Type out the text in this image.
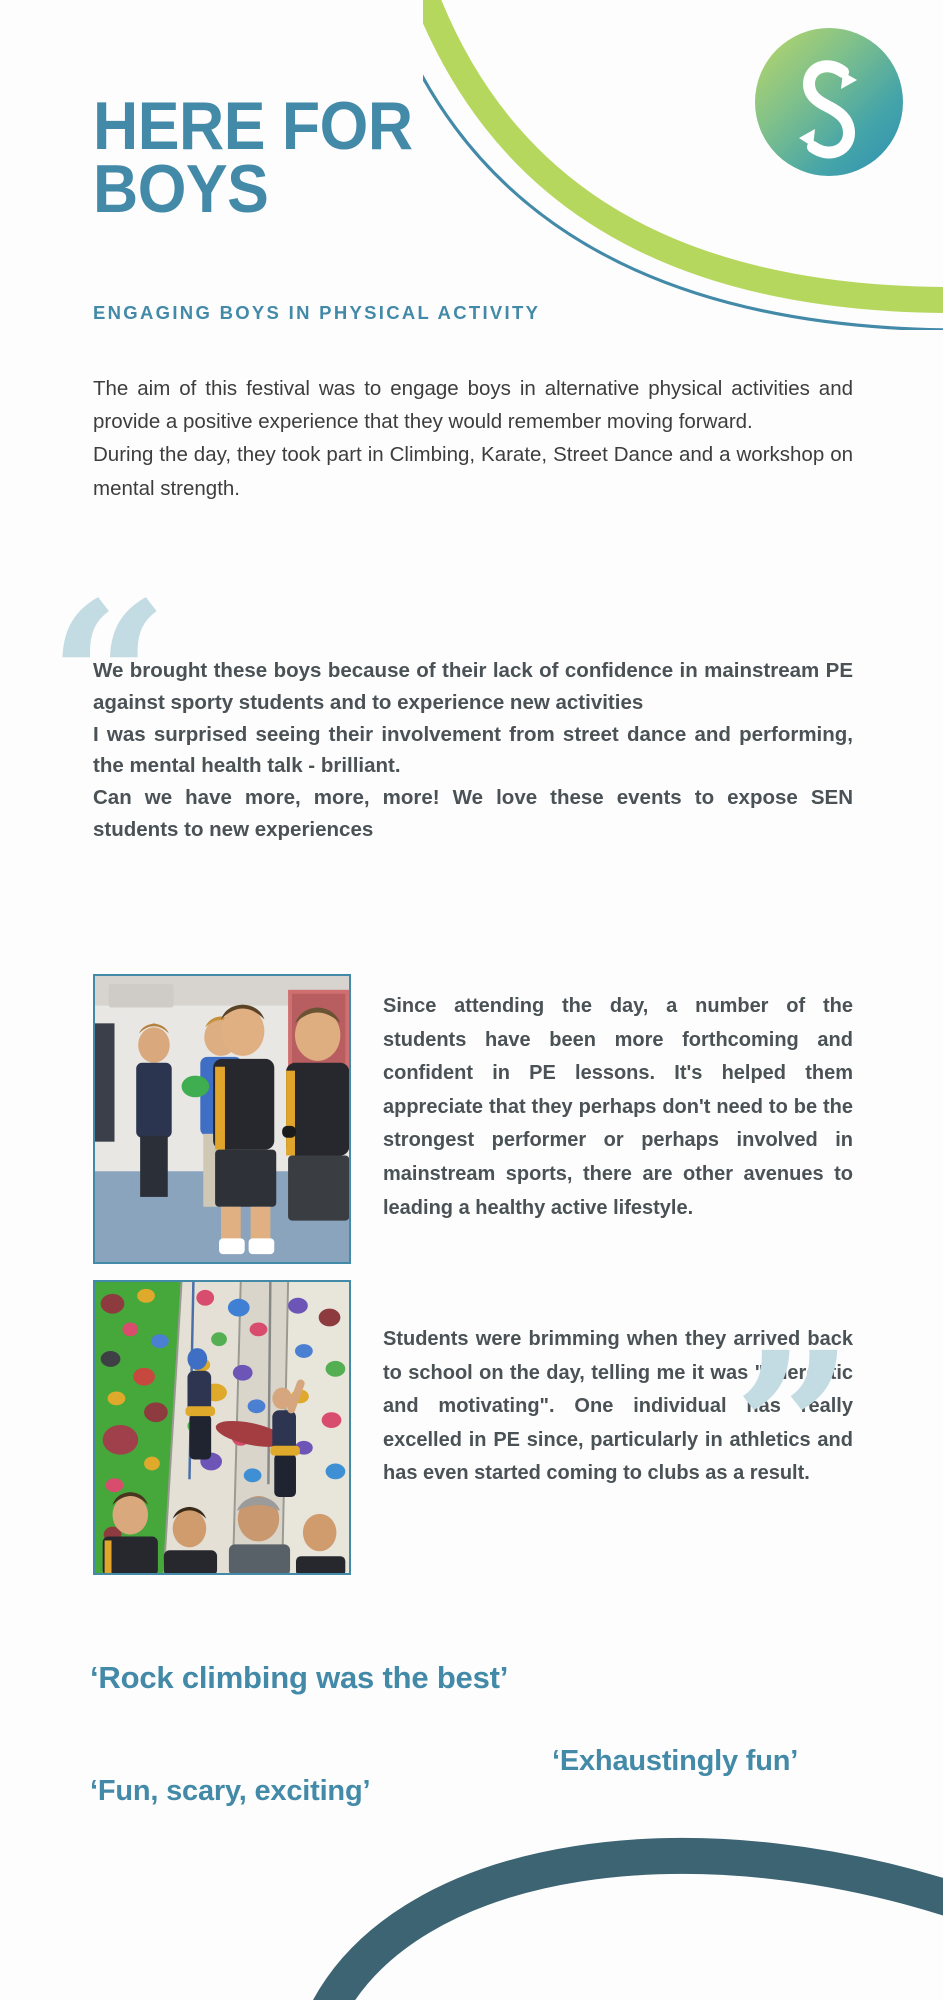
HERE FOR
BOYS
ENGAGING BOYS IN PHYSICAL ACTIVITY

The aim of this festival was to engage boys in alternative physical activities and provide a positive experience that they would remember moving forward.

During the day, they took part in Climbing, Karate, Street Dance and a workshop on mental strength.

“

We brought these boys because of their lack of confidence in mainstream PE against sporty students and to experience new activities

I was surprised seeing their involvement from street dance and performing, the mental health talk - brilliant.

Can we have more, more, more! We love these events to expose SEN students to new experiences

Since attending the day, a number of the students have been more forthcoming and confident in PE lessons. It's helped them appreciate that they perhaps don't need to be the strongest performer or perhaps involved in mainstream sports, there are other avenues to leading a healthy active lifestyle.
Students were brimming when they arrived back to school on the day, telling me it was "energetic and motivating". One individual has really excelled in PE since, particularly in athletics and has even started coming to clubs as a result.
”
‘Rock climbing was the best’
‘Exhaustingly fun’
‘Fun, scary, exciting’
